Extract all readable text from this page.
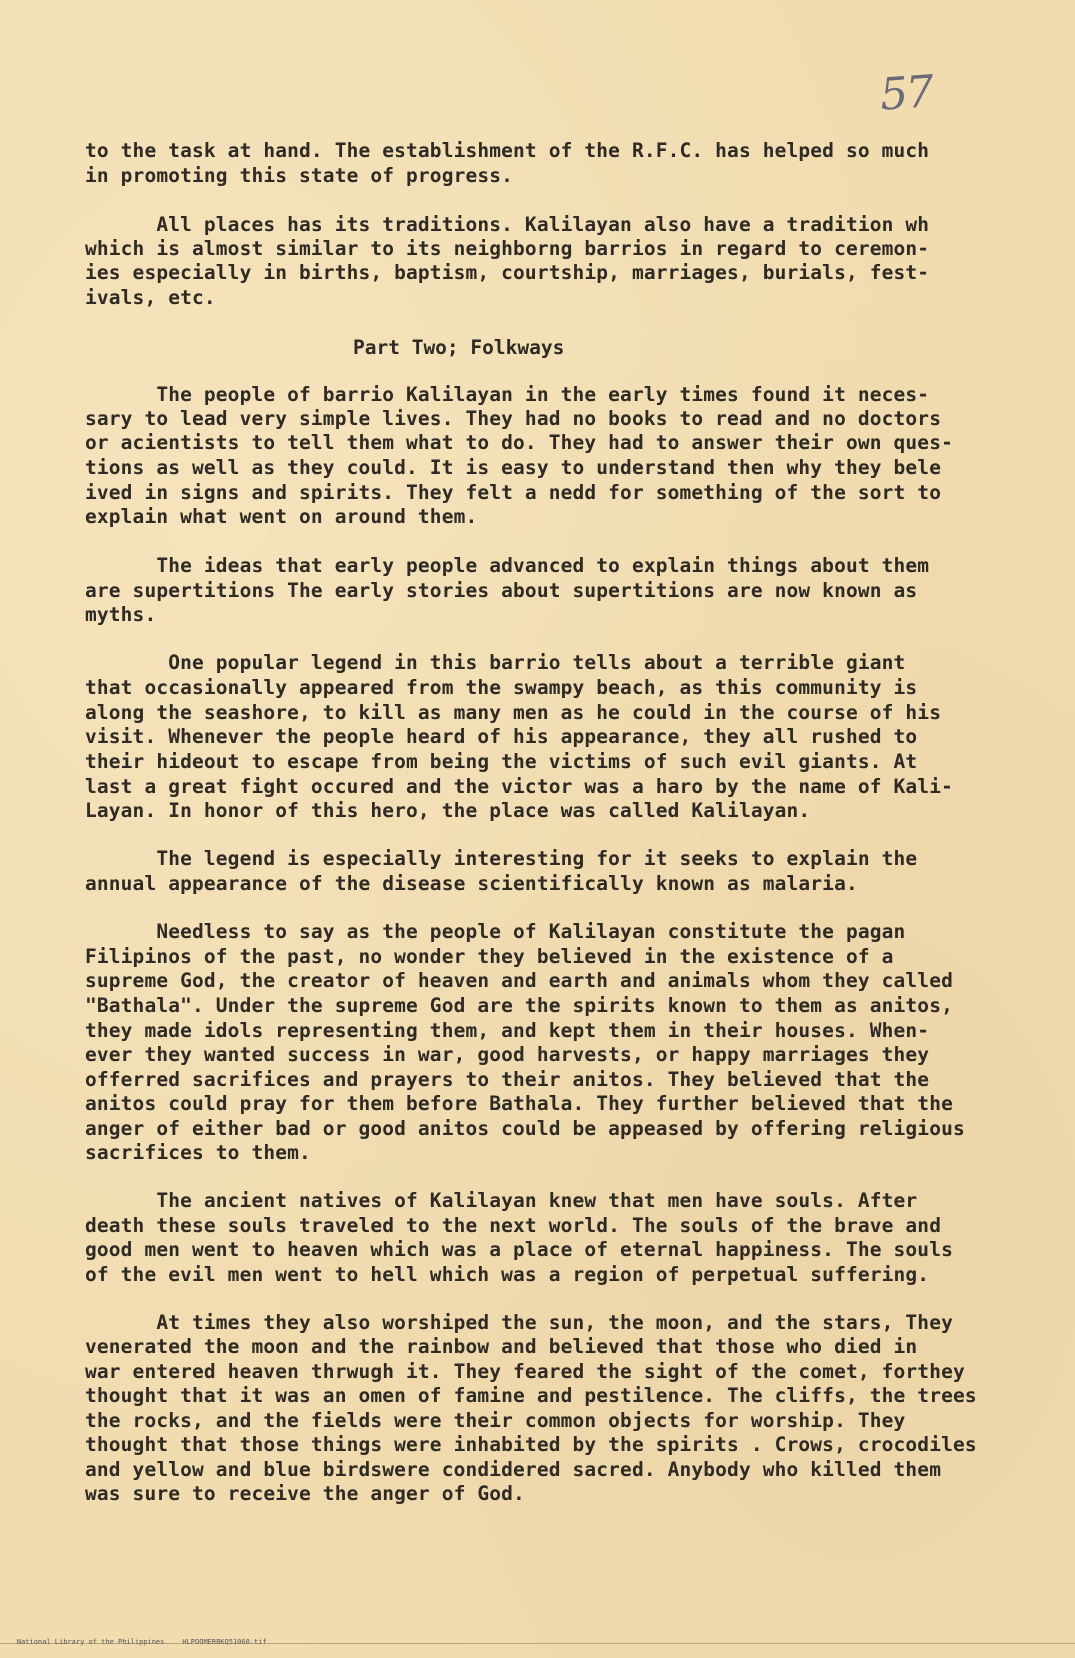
57
to the task at hand. The establishment of the R.F.C. has helped so much
in promoting this state of progress.
All places has its traditions. Kalilayan also have a tradition wh
which is almost similar to its neighborng barrios in regard to ceremon-
ies especially in births, baptism, courtship, marriages, burials, fest-
ivals, etc.
Part Two; Folkways
The people of barrio Kalilayan in the early times found it neces-
sary to lead very simple lives. They had no books to read and no doctors
or acientists to tell them what to do. They had to answer their own ques-
tions as well as they could. It is easy to understand then why they bele
ived in signs and spirits. They felt a nedd for something of the sort to
explain what went on around them.
The ideas that early people advanced to explain things about them
are supertitions The early stories about supertitions are now known as
myths.
One popular legend in this barrio tells about a terrible giant
that occasionally appeared from the swampy beach, as this community is
along the seashore, to kill as many men as he could in the course of his
visit. Whenever the people heard of his appearance, they all rushed to
their hideout to escape from being the victims of such evil giants. At
last a great fight occured and the victor was a haro by the name of Kali-
Layan. In honor of this hero, the place was called Kalilayan.
The legend is especially interesting for it seeks to explain the
annual appearance of the disease scientifically known as malaria.
Needless to say as the people of Kalilayan constitute the pagan
Filipinos of the past, no wonder they believed in the existence of a
supreme God, the creator of heaven and earth and animals whom they called
"Bathala". Under the supreme God are the spirits known to them as anitos,
they made idols representing them, and kept them in their houses. When-
ever they wanted success in war, good harvests, or happy marriages they
offerred sacrifices and prayers to their anitos. They believed that the
anitos could pray for them before Bathala. They further believed that the
anger of either bad or good anitos could be appeased by offering religious
sacrifices to them.
The ancient natives of Kalilayan knew that men have souls. After
death these souls traveled to the next world. The souls of the brave and
good men went to heaven which was a place of eternal happiness. The souls
of the evil men went to hell which was a region of perpetual suffering.
At times they also worshiped the sun, the moon, and the stars, They
venerated the moon and the rainbow and believed that those who died in
war entered heaven thrwugh it. They feared the sight of the comet, forthey
thought that it was an omen of famine and pestilence. The cliffs, the trees
the rocks, and the fields were their common objects for worship. They
thought that those things were inhabited by the spirits . Crows, crocodiles
and yellow and blue birdswere condidered sacred. Anybody who killed them
was sure to receive the anger of God.

National Library of the Philippines	HLPOOMERBKQ51060.tif
